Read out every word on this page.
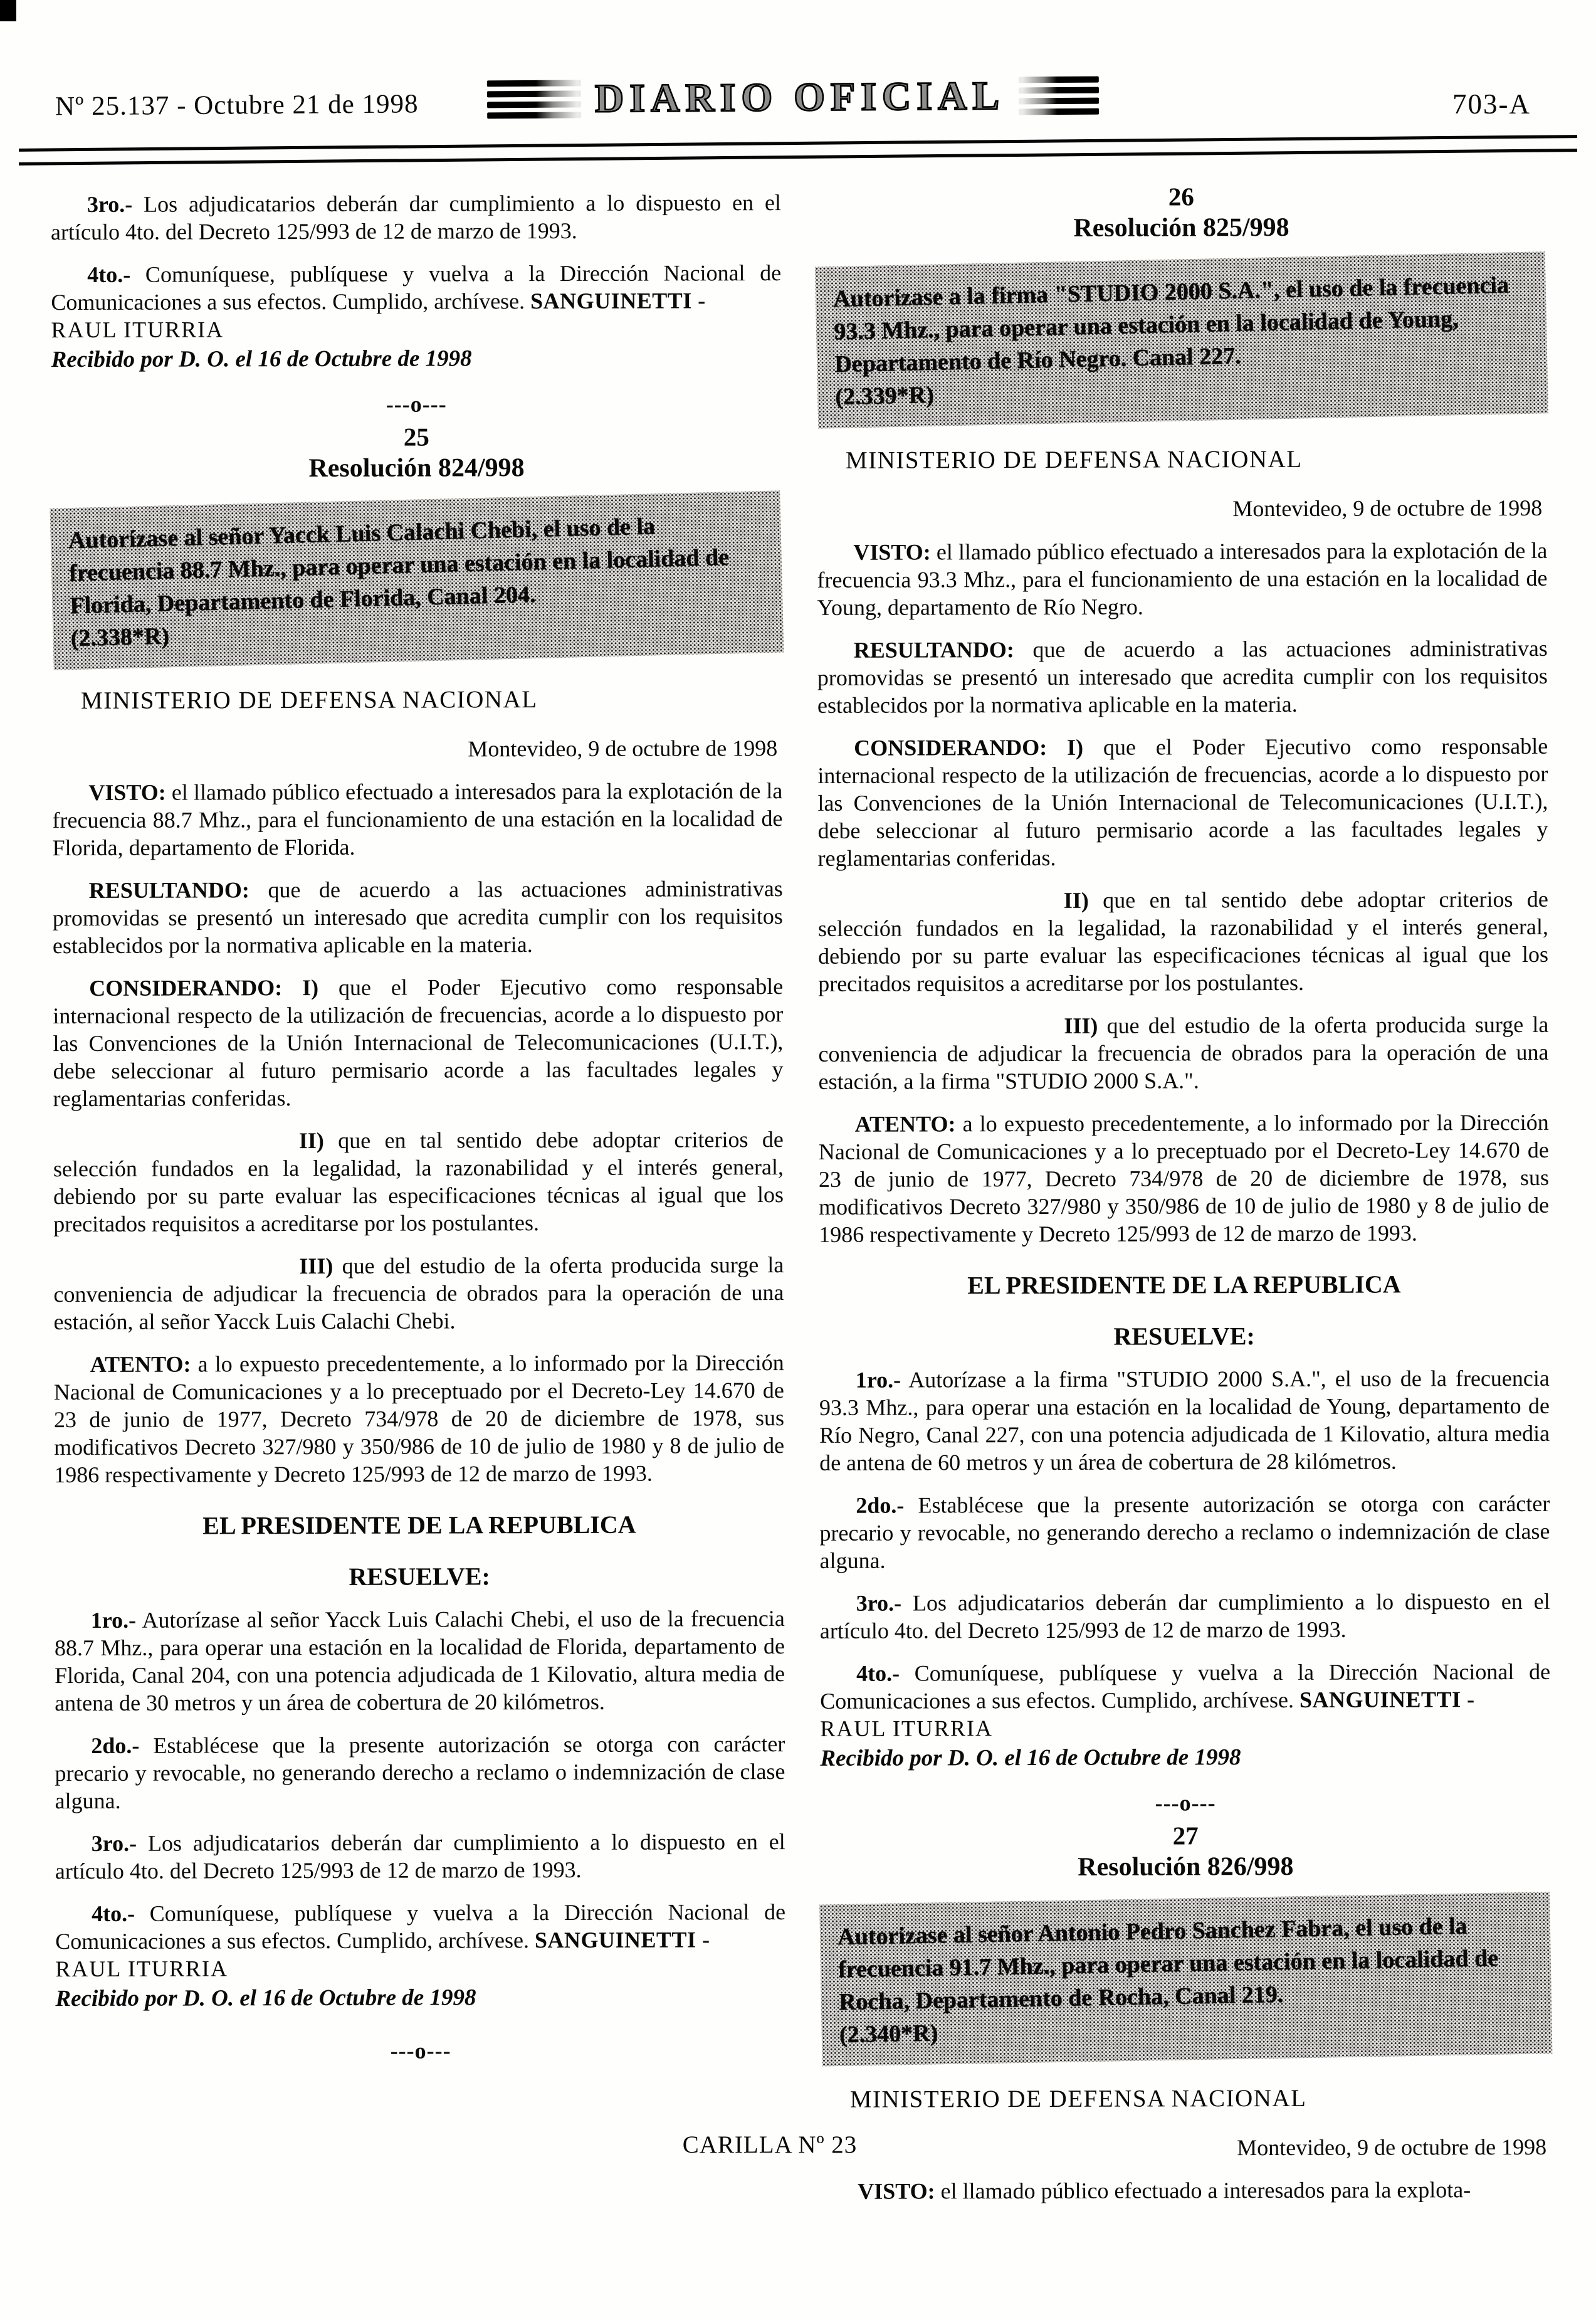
Nº 25.137 - Octubre 21 de 1998	DIARIO OFICIAL	703-A

3ro.- Los adjudicatarios deberán dar cumplimiento a lo dispuesto en el artículo 4to. del Decreto 125/993 de 12 de marzo de 1993.

4to.- Comuníquese, publíquese y vuelva a la Dirección Nacional de Comunicaciones a sus efectos. Cumplido, archívese. SANGUINETTI -
RAUL ITURRIA

Recibido por D. O. el 16 de Octubre de 1998

---o---
25
Resolución 824/998
Autorízase al señor Yacck Luis Calachi Chebi, el uso de la frecuencia 88.7 Mhz., para operar una estación en la localidad de Florida, Departamento de Florida, Canal 204.
(2.338*R)

MINISTERIO DE DEFENSA NACIONAL

Montevideo, 9 de octubre de 1998

VISTO: el llamado público efectuado a interesados para la explotación de la frecuencia 88.7 Mhz., para el funcionamiento de una estación en la localidad de Florida, departamento de Florida.

RESULTANDO: que de acuerdo a las actuaciones administrativas promovidas se presentó un interesado que acredita cumplir con los requisitos establecidos por la normativa aplicable en la materia.

CONSIDERANDO: I) que el Poder Ejecutivo como responsable internacional respecto de la utilización de frecuencias, acorde a lo dispuesto por las Convenciones de la Unión Internacional de Telecomunicaciones (U.I.T.), debe seleccionar al futuro permisario acorde a las facultades legales y reglamentarias conferidas.

II) que en tal sentido debe adoptar criterios de selección fundados en la legalidad, la razonabilidad y el interés general, debiendo por su parte evaluar las especificaciones técnicas al igual que los precitados requisitos a acreditarse por los postulantes.

III) que del estudio de la oferta producida surge la conveniencia de adjudicar la frecuencia de obrados para la operación de una estación, al señor Yacck Luis Calachi Chebi.

ATENTO: a lo expuesto precedentemente, a lo informado por la Dirección Nacional de Comunicaciones y a lo preceptuado por el Decreto-Ley 14.670 de 23 de junio de 1977, Decreto 734/978 de 20 de diciembre de 1978, sus modificativos Decreto 327/980 y 350/986 de 10 de julio de 1980 y 8 de julio de 1986 respectivamente y Decreto 125/993 de 12 de marzo de 1993.

EL PRESIDENTE DE LA REPUBLICA

RESUELVE:

1ro.- Autorízase al señor Yacck Luis Calachi Chebi, el uso de la frecuencia 88.7 Mhz., para operar una estación en la localidad de Florida, departamento de Florida, Canal 204, con una potencia adjudicada de 1 Kilovatio, altura media de antena de 30 metros y un área de cobertura de 20 kilómetros.

2do.- Establécese que la presente autorización se otorga con carácter precario y revocable, no generando derecho a reclamo o indemnización de clase alguna.

3ro.- Los adjudicatarios deberán dar cumplimiento a lo dispuesto en el artículo 4to. del Decreto 125/993 de 12 de marzo de 1993.

4to.- Comuníquese, publíquese y vuelva a la Dirección Nacional de Comunicaciones a sus efectos. Cumplido, archívese. SANGUINETTI -
RAUL ITURRIA

Recibido por D. O. el 16 de Octubre de 1998

---o---

26
Resolución 825/998
Autorizase a la firma "STUDIO 2000 S.A.", el uso de la frecuencia 93.3 Mhz., para operar una estación en la localidad de Young, Departamento de Río Negro. Canal 227.
(2.339*R)

MINISTERIO DE DEFENSA NACIONAL

Montevideo, 9 de octubre de 1998

VISTO: el llamado público efectuado a interesados para la explotación de la frecuencia 93.3 Mhz., para el funcionamiento de una estación en la localidad de Young, departamento de Río Negro.

RESULTANDO: que de acuerdo a las actuaciones administrativas promovidas se presentó un interesado que acredita cumplir con los requisitos establecidos por la normativa aplicable en la materia.

CONSIDERANDO: I) que el Poder Ejecutivo como responsable internacional respecto de la utilización de frecuencias, acorde a lo dispuesto por las Convenciones de la Unión Internacional de Telecomunicaciones (U.I.T.), debe seleccionar al futuro permisario acorde a las facultades legales y reglamentarias conferidas.

II) que en tal sentido debe adoptar criterios de selección fundados en la legalidad, la razonabilidad y el interés general, debiendo por su parte evaluar las especificaciones técnicas al igual que los precitados requisitos a acreditarse por los postulantes.

III) que del estudio de la oferta producida surge la conveniencia de adjudicar la frecuencia de obrados para la operación de una estación, a la firma "STUDIO 2000 S.A.".

ATENTO: a lo expuesto precedentemente, a lo informado por la Dirección Nacional de Comunicaciones y a lo preceptuado por el Decreto-Ley 14.670 de 23 de junio de 1977, Decreto 734/978 de 20 de diciembre de 1978, sus modificativos Decreto 327/980 y 350/986 de 10 de julio de 1980 y 8 de julio de 1986 respectivamente y Decreto 125/993 de 12 de marzo de 1993.

EL PRESIDENTE DE LA REPUBLICA

RESUELVE:

1ro.- Autorízase a la firma "STUDIO 2000 S.A.", el uso de la frecuencia 93.3 Mhz., para operar una estación en la localidad de Young, departamento de Río Negro, Canal 227, con una potencia adjudicada de 1 Kilovatio, altura media de antena de 60 metros y un área de cobertura de 28 kilómetros.

2do.- Establécese que la presente autorización se otorga con carácter precario y revocable, no generando derecho a reclamo o indemnización de clase alguna.

3ro.- Los adjudicatarios deberán dar cumplimiento a lo dispuesto en el artículo 4to. del Decreto 125/993 de 12 de marzo de 1993.

4to.- Comuníquese, publíquese y vuelva a la Dirección Nacional de Comunicaciones a sus efectos. Cumplido, archívese. SANGUINETTI -
RAUL ITURRIA

Recibido por D. O. el 16 de Octubre de 1998

---o---
27
Resolución 826/998
Autorizase al señor Antonio Pedro Sanchez Fabra, el uso de la frecuencia 91.7 Mhz., para operar una estación en la localidad de Rocha, Departamento de Rocha, Canal 219.
(2.340*R)

MINISTERIO DE DEFENSA NACIONAL

Montevideo, 9 de octubre de 1998

VISTO: el llamado público efectuado a interesados para la explota-

CARILLA Nº 23
